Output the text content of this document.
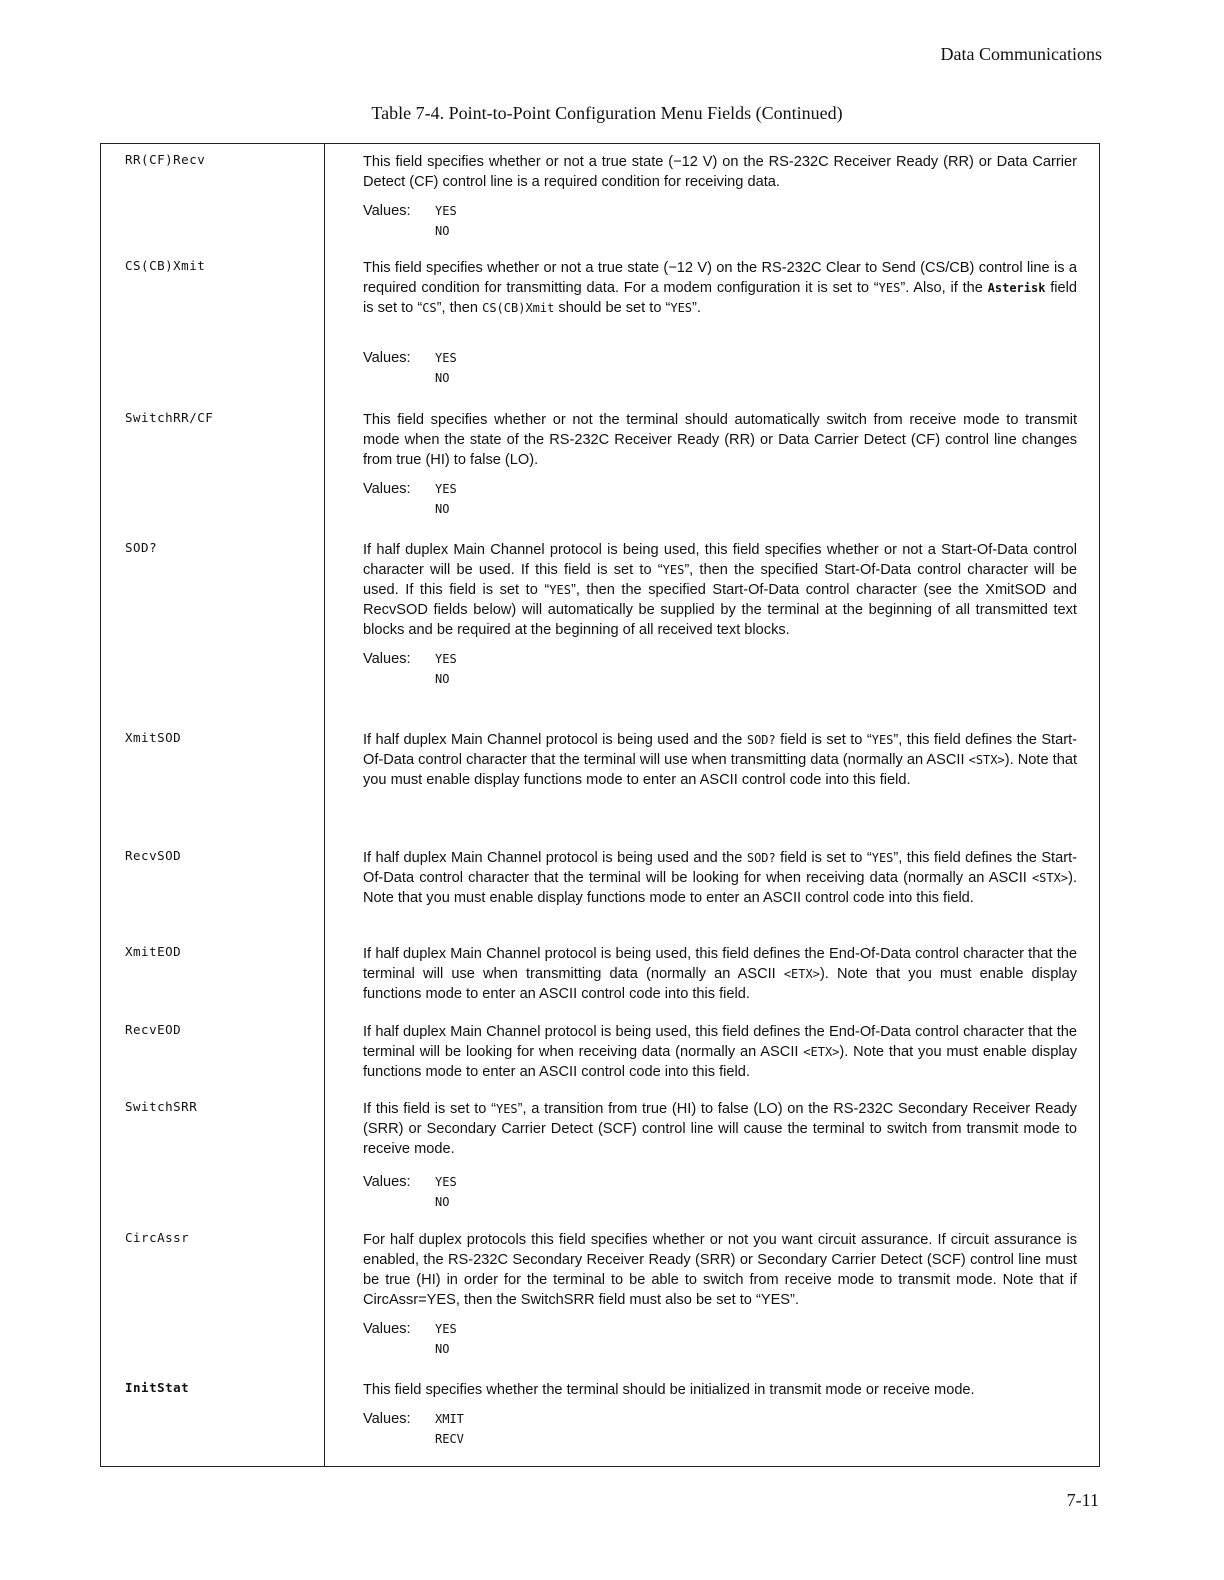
Data Communications
Table 7-4. Point-to-Point Configuration Menu Fields (Continued)
RR(CF)Recv	This field specifies whether or not a true state (−12 V) on the RS-232C Receiver Ready (RR) or Data Carrier Detect (CF) control line is a required condition for receiving data.

Values: YES
NO
CS(CB)Xmit	This field specifies whether or not a true state (−12 V) on the RS-232C Clear to Send (CS/CB) control line is a required condition for transmitting data. For a modem configuration it is set to “YES”. Also, if the Asterisk field is set to “CS”, then CS(CB)Xmit should be set to “YES”.

Values: YES
NO
SwitchRR/CF	This field specifies whether or not the terminal should automatically switch from receive mode to transmit mode when the state of the RS-232C Receiver Ready (RR) or Data Carrier Detect (CF) control line changes from true (HI) to false (LO).

Values: YES
NO
SOD?	If half duplex Main Channel protocol is being used, this field specifies whether or not a Start-Of-Data control character will be used. If this field is set to “YES”, then the specified Start-Of-Data control character will be used. If this field is set to “YES”, then the specified Start-Of-Data control character (see the XmitSOD and RecvSOD fields below) will automatically be supplied by the terminal at the beginning of all transmitted text blocks and be required at the beginning of all received text blocks.

Values: YES
NO
XmitSOD	If half duplex Main Channel protocol is being used and the SOD? field is set to “YES”, this field defines the Start-Of-Data control character that the terminal will use when transmitting data (normally an ASCII <STX>). Note that you must enable display functions mode to enter an ASCII control code into this field.

RecvSOD	If half duplex Main Channel protocol is being used and the SOD? field is set to “YES”, this field defines the Start-Of-Data control character that the terminal will be looking for when receiving data (normally an ASCII <STX>). Note that you must enable display functions mode to enter an ASCII control code into this field.

XmitEOD	If half duplex Main Channel protocol is being used, this field defines the End-Of-Data control character that the terminal will use when transmitting data (normally an ASCII <ETX>). Note that you must enable display functions mode to enter an ASCII control code into this field.

RecvEOD	If half duplex Main Channel protocol is being used, this field defines the End-Of-Data control character that the terminal will be looking for when receiving data (normally an ASCII <ETX>). Note that you must enable display functions mode to enter an ASCII control code into this field.

SwitchSRR	If this field is set to “YES”, a transition from true (HI) to false (LO) on the RS-232C Secondary Receiver Ready (SRR) or Secondary Carrier Detect (SCF) control line will cause the terminal to switch from transmit mode to receive mode.

Values: YES
NO
CircAssr	For half duplex protocols this field specifies whether or not you want circuit assurance. If circuit assurance is enabled, the RS-232C Secondary Receiver Ready (SRR) or Secondary Carrier Detect (SCF) control line must be true (HI) in order for the terminal to be able to switch from receive mode to transmit mode. Note that if CircAssr=YES, then the SwitchSRR field must also be set to “YES”.

Values: YES
NO
InitStat	This field specifies whether the terminal should be initialized in transmit mode or receive mode.

Values: XMIT
RECV
7-11
